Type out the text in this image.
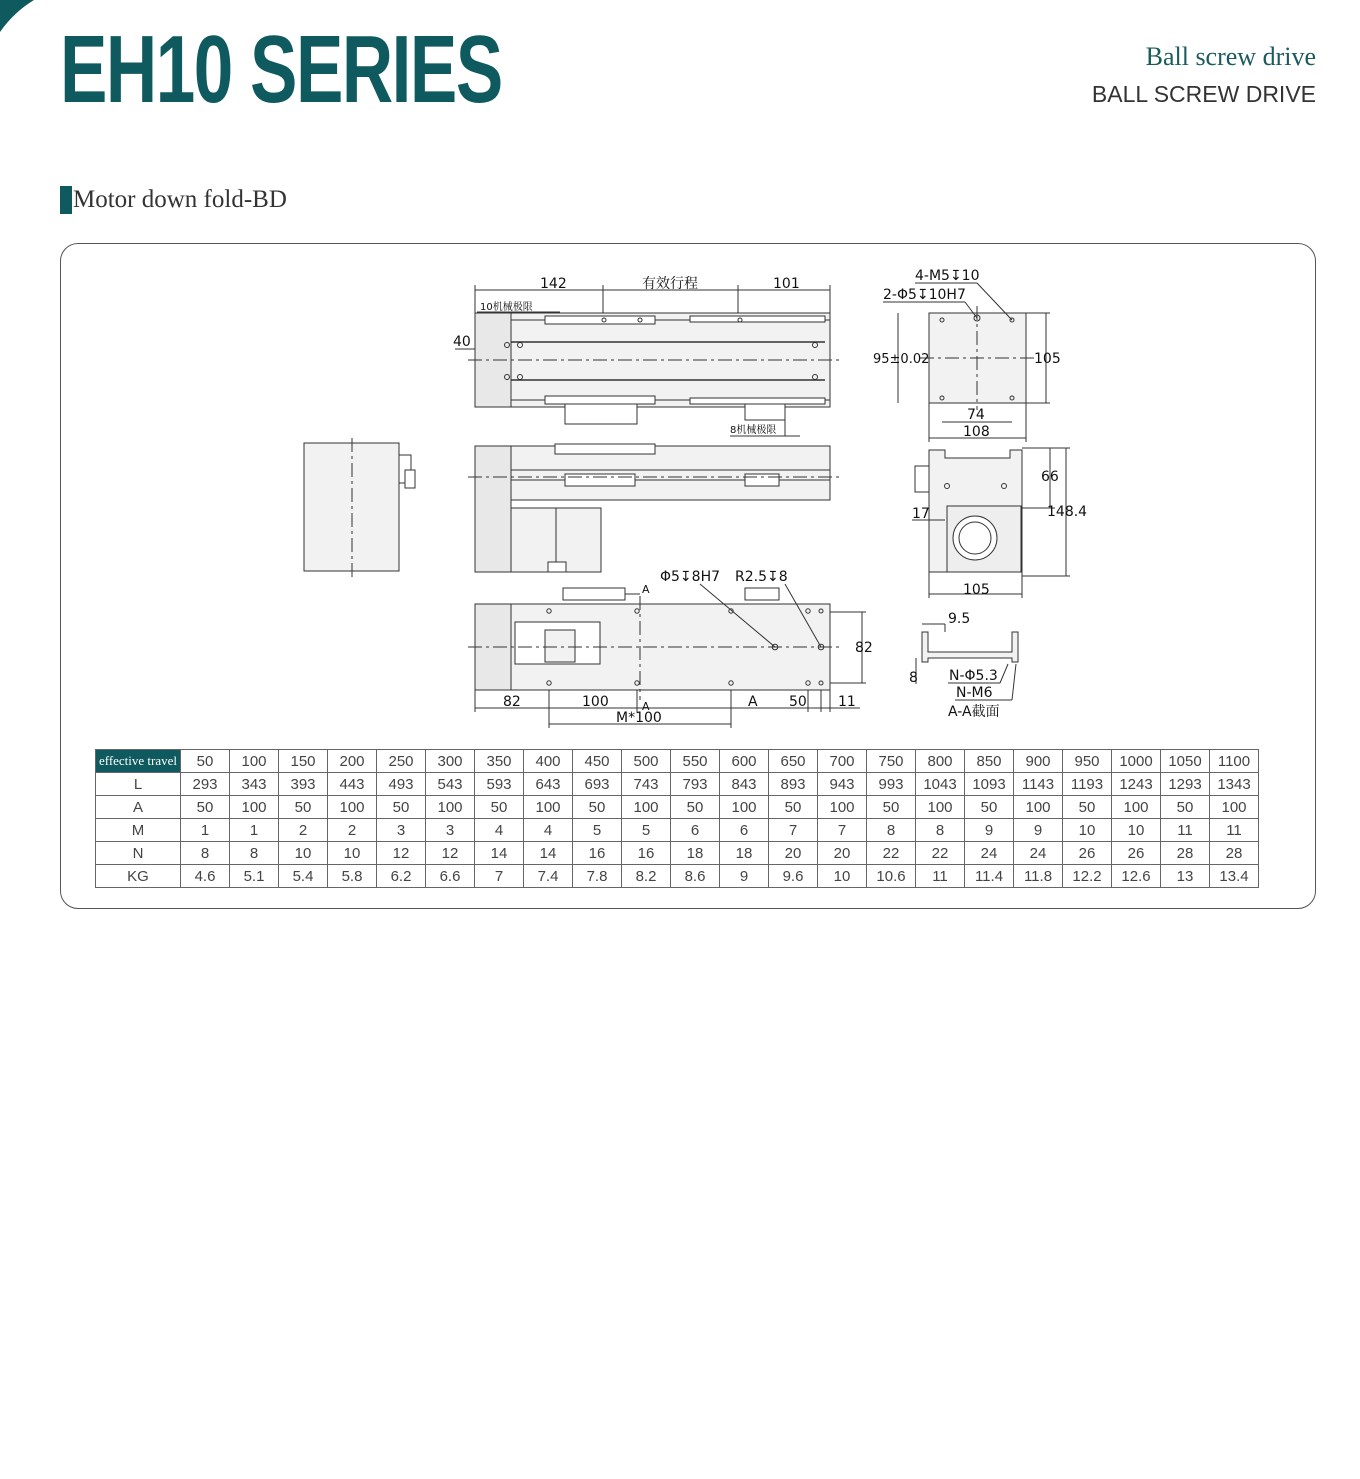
EH10 SERIES	Ball screw drive
BALL SCREW DRIVE
Motor down fold-BD
142	有效行程	101
10机械极限
40
8机械极限
4-M5↧10
2-Φ5↧10H7
95±0.02	105
74
108
66
148.4
17
105
Φ5↧8H7 R2.5↧8
A
A
82
82	100	A 50 11
M*100
9.5
8 N-Φ5.3
N-M6
A-A截面
effective travel	50	100	150	200	250	300	350	400	450	500	550	600	650	700	750	800	850	900	950	1000	1050	1100
L	293	343	393	443	493	543	593	643	693	743	793	843	893	943	993	1043	1093	1143	1193	1243	1293	1343
A	50	100	50	100	50	100	50	100	50	100	50	100	50	100	50	100	50	100	50	100	50	100
M	1	1	2	2	3	3	4	4	5	5	6	6	7	7	8	8	9	9	10	10	11	11
N	8	8	10	10	12	12	14	14	16	16	18	18	20	20	22	22	24	24	26	26	28	28
KG	4.6	5.1	5.4	5.8	6.2	6.6	7	7.4	7.8	8.2	8.6	9	9.6	10	10.6	11	11.4	11.8	12.2	12.6	13	13.4
